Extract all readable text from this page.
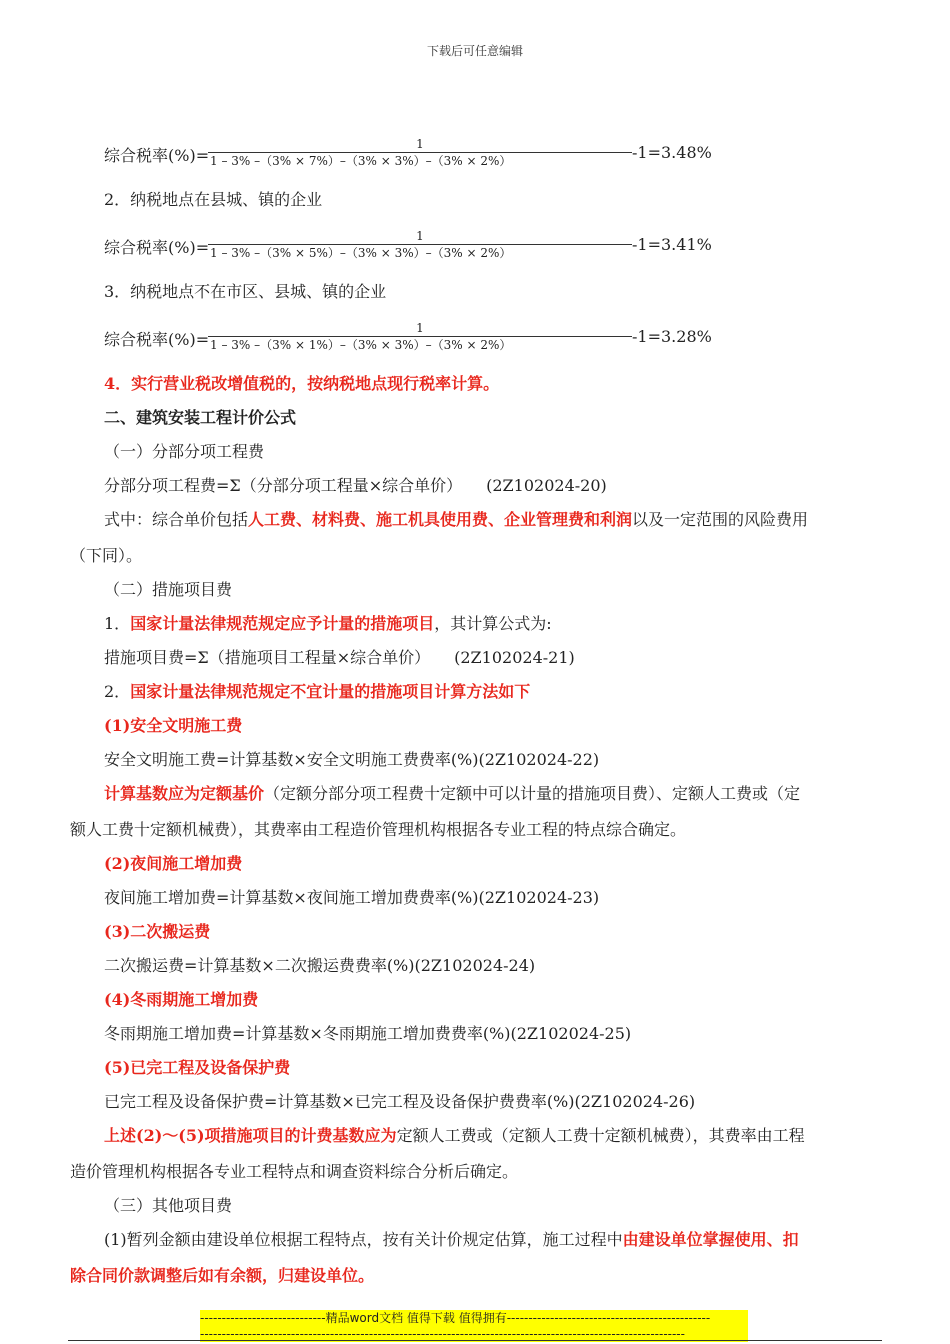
下载后可任意编辑
综合税率(%)=
1
1 – 3% –（3% × 7%）–（3% × 3%）–（3% × 2%）	-1=3.48%
2．纳税地点在县城、镇的企业
综合税率(%)=
1
1 – 3% –（3% × 5%）–（3% × 3%）–（3% × 2%）	-1=3.41%
3．纳税地点不在市区、县城、镇的企业
综合税率(%)=
1
1 – 3% –（3% × 1%）–（3% × 3%）–（3% × 2%）	-1=3.28%
4．实行营业税改增值税的，按纳税地点现行税率计算。
二、建筑安装工程计价公式
（一）分部分项工程费
分部分项工程费=Σ（分部分项工程量×综合单价）　　(2Z102024-20)
式中：综合单价包括人工费、材料费、施工机具使用费、企业管理费和利润以及一定范围的风险费用
（下同）。
（二）措施项目费
1．国家计量法律规范规定应予计量的措施项目，其计算公式为:
措施项目费=Σ（措施项目工程量×综合单价）　　(2Z102024-21)
2．国家计量法律规范规定不宜计量的措施项目计算方法如下
(1)安全文明施工费
安全文明施工费=计算基数×安全文明施工费费率(%)(2Z102024-22)
计算基数应为定额基价（定额分部分项工程费十定额中可以计量的措施项目费）、定额人工费或（定
额人工费十定额机械费），其费率由工程造价管理机构根据各专业工程的特点综合确定。
(2)夜间施工增加费
夜间施工增加费=计算基数×夜间施工增加费费率(%)(2Z102024-23)
(3)二次搬运费
二次搬运费=计算基数×二次搬运费费率(%)(2Z102024-24)
(4)冬雨期施工增加费
冬雨期施工增加费=计算基数×冬雨期施工增加费费率(%)(2Z102024-25)
(5)已完工程及设备保护费
已完工程及设备保护费=计算基数×已完工程及设备保护费费率(%)(2Z102024-26)
上述(2)～(5)项措施项目的计费基数应为定额人工费或（定额人工费十定额机械费），其费率由工程
造价管理机构根据各专业工程特点和调查资料综合分析后确定。
（三）其他项目费
(1)暂列金额由建设单位根据工程特点，按有关计价规定估算，施工过程中由建设单位掌握使用、扣
除合同价款调整后如有余额，归建设单位。
-----------------------------精品word文档 值得下载 值得拥有-----------------------------------------------
----------------------------------------------------------------------------------------------------------------
